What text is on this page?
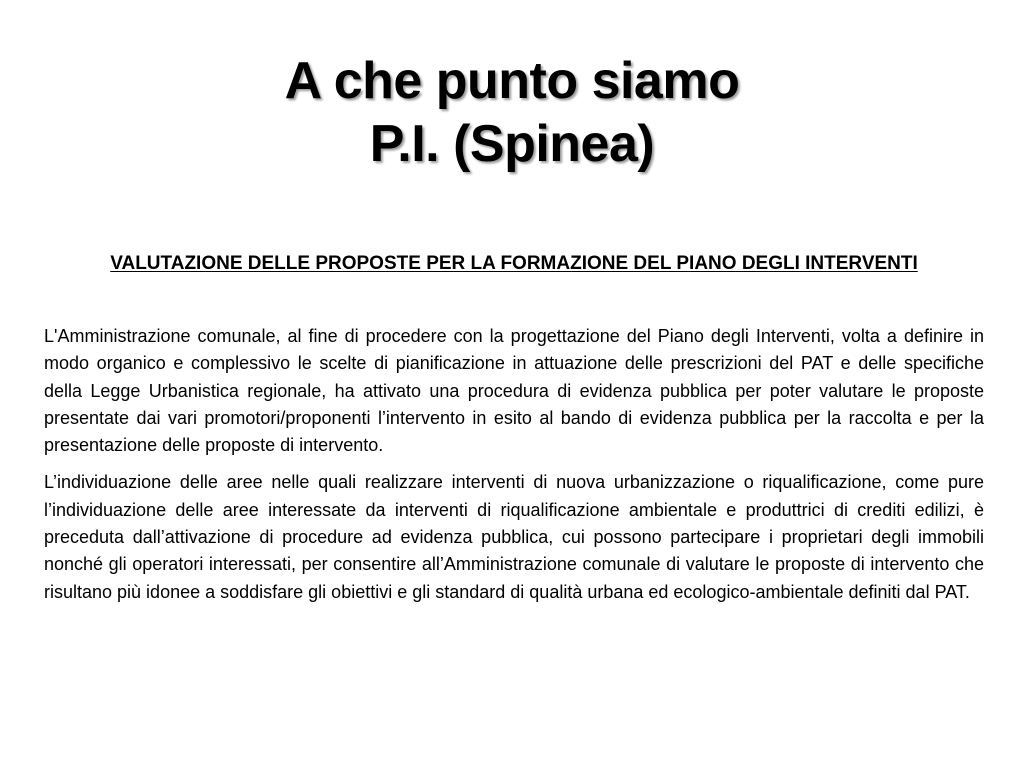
A che punto siamo
P.I. (Spinea)
VALUTAZIONE DELLE PROPOSTE PER LA FORMAZIONE DEL PIANO DEGLI INTERVENTI

L'Amministrazione comunale, al fine di procedere con la progettazione del Piano degli Interventi, volta a definire in modo organico e complessivo le scelte di pianificazione in attuazione delle prescrizioni del PAT e delle specifiche della Legge Urbanistica regionale, ha attivato una procedura di evidenza pubblica per poter valutare le proposte presentate dai vari promotori/proponenti l’intervento in esito al bando di evidenza pubblica per la raccolta e per la presentazione delle proposte di intervento.

L’individuazione delle aree nelle quali realizzare interventi di nuova urbanizzazione o riqualificazione, come pure l’individuazione delle aree interessate da interventi di riqualificazione ambientale e produttrici di crediti edilizi, è preceduta dall’attivazione di procedure ad evidenza pubblica, cui possono partecipare i proprietari degli immobili nonché gli operatori interessati, per consentire all’Amministrazione comunale di valutare le proposte di intervento che risultano più idonee a soddisfare gli obiettivi e gli standard di qualità urbana ed ecologico-ambientale definiti dal PAT.
